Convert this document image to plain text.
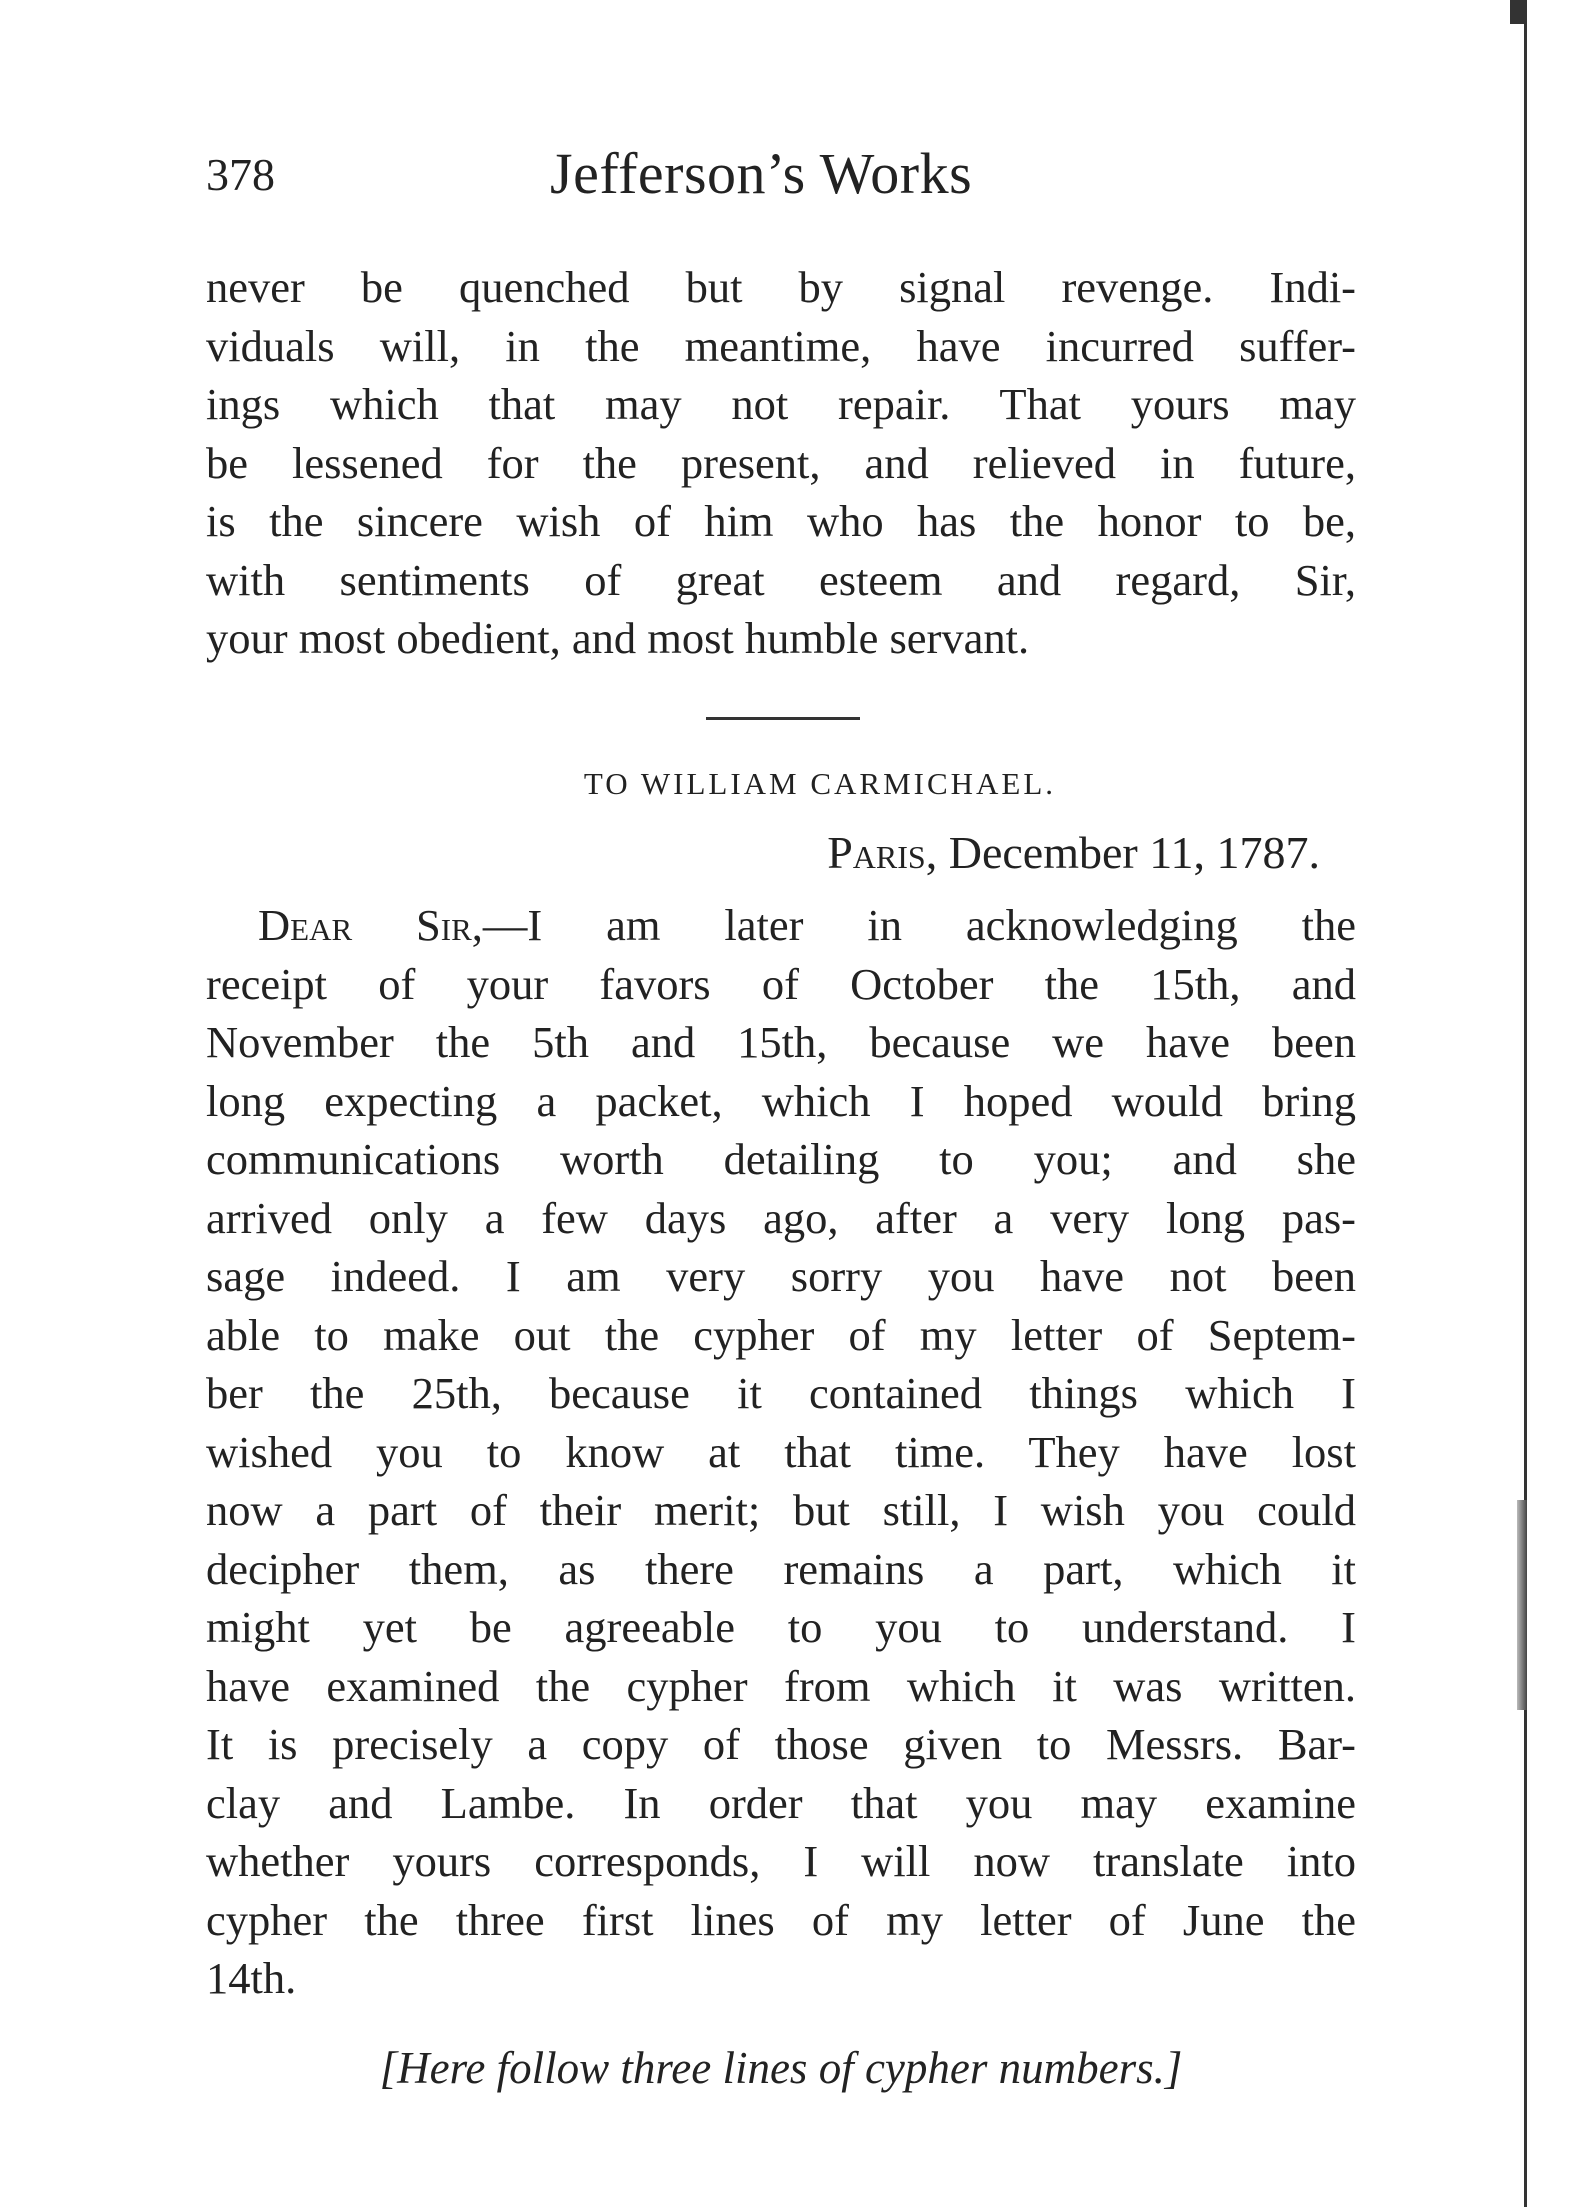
378	Jefferson’s Works
never be quenched but by signal revenge. Indi-
viduals will, in the meantime, have incurred suffer-
ings which that may not repair. That yours may
be lessened for the present, and relieved in future,
is the sincere wish of him who has the honor to be,
with sentiments of great esteem and regard, Sir,
your most obedient, and most humble servant.
TO WILLIAM CARMICHAEL.
Paris, December 11, 1787.
Dear Sir,—I am later in acknowledging the
receipt of your favors of October the 15th, and
November the 5th and 15th, because we have been
long expecting a packet, which I hoped would bring
communications worth detailing to you; and she
arrived only a few days ago, after a very long pas-
sage indeed. I am very sorry you have not been
able to make out the cypher of my letter of Septem-
ber the 25th, because it contained things which I
wished you to know at that time. They have lost
now a part of their merit; but still, I wish you could
decipher them, as there remains a part, which it
might yet be agreeable to you to understand. I
have examined the cypher from which it was written.
It is precisely a copy of those given to Messrs. Bar-
clay and Lambe. In order that you may examine
whether yours corresponds, I will now translate into
cypher the three first lines of my letter of June the
14th.
[Here follow three lines of cypher numbers.]
